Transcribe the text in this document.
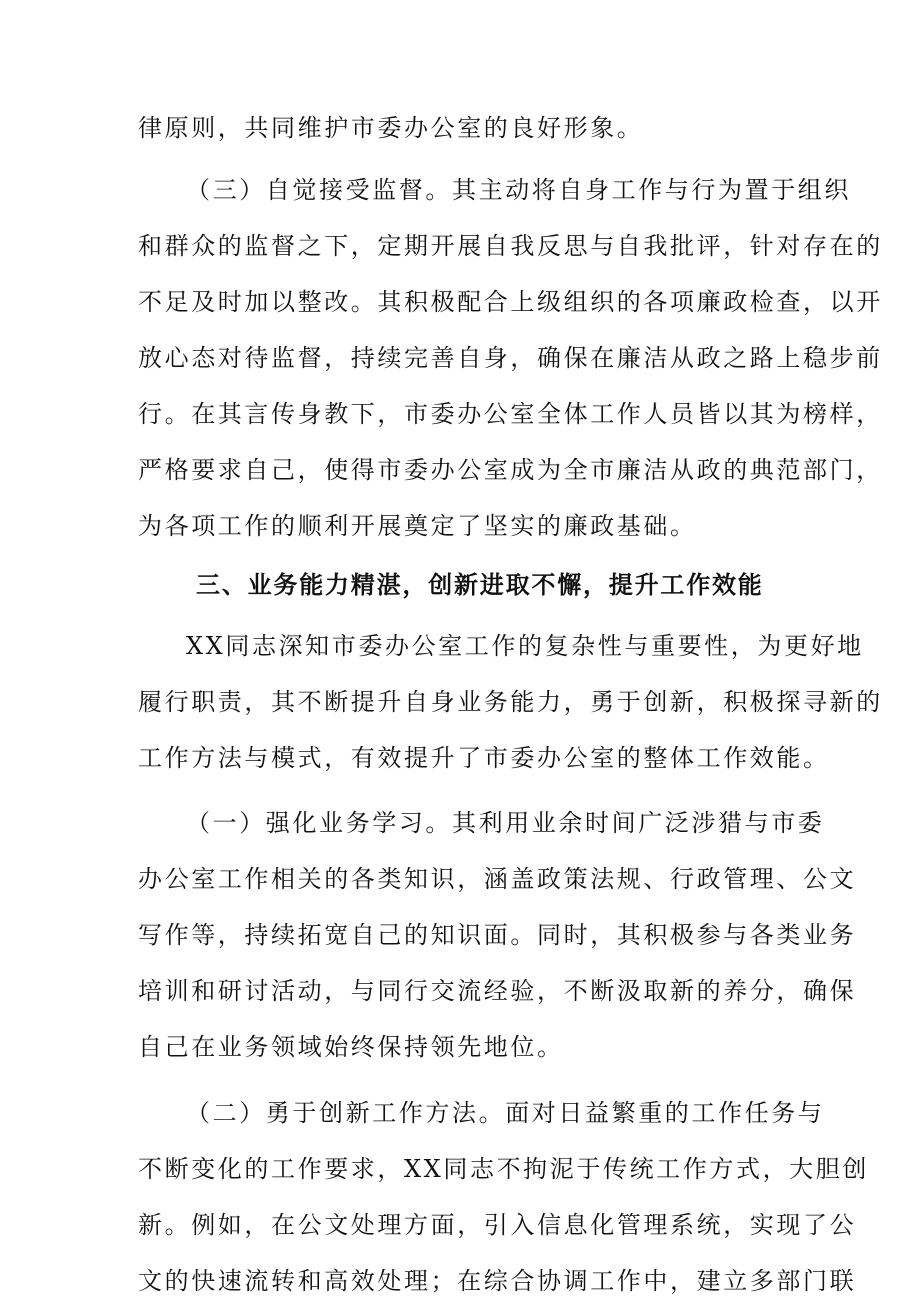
律原则，共同维护市委办公室的良好形象。
（三）自觉接受监督。其主动将自身工作与行为置于组织
和群众的监督之下，定期开展自我反思与自我批评，针对存在的
不足及时加以整改。其积极配合上级组织的各项廉政检查，以开
放心态对待监督，持续完善自身，确保在廉洁从政之路上稳步前
行。在其言传身教下，市委办公室全体工作人员皆以其为榜样，
严格要求自己，使得市委办公室成为全市廉洁从政的典范部门，
为各项工作的顺利开展奠定了坚实的廉政基础。
三、业务能力精湛，创新进取不懈，提升工作效能
XX同志深知市委办公室工作的复杂性与重要性，为更好地
履行职责，其不断提升自身业务能力，勇于创新，积极探寻新的
工作方法与模式，有效提升了市委办公室的整体工作效能。
（一）强化业务学习。其利用业余时间广泛涉猎与市委
办公室工作相关的各类知识，涵盖政策法规、行政管理、公文
写作等，持续拓宽自己的知识面。同时，其积极参与各类业务
培训和研讨活动，与同行交流经验，不断汲取新的养分，确保
自己在业务领域始终保持领先地位。
（二）勇于创新工作方法。面对日益繁重的工作任务与
不断变化的工作要求，XX同志不拘泥于传统工作方式，大胆创
新。例如，在公文处理方面，引入信息化管理系统，实现了公
文的快速流转和高效处理；在综合协调工作中，建立多部门联
